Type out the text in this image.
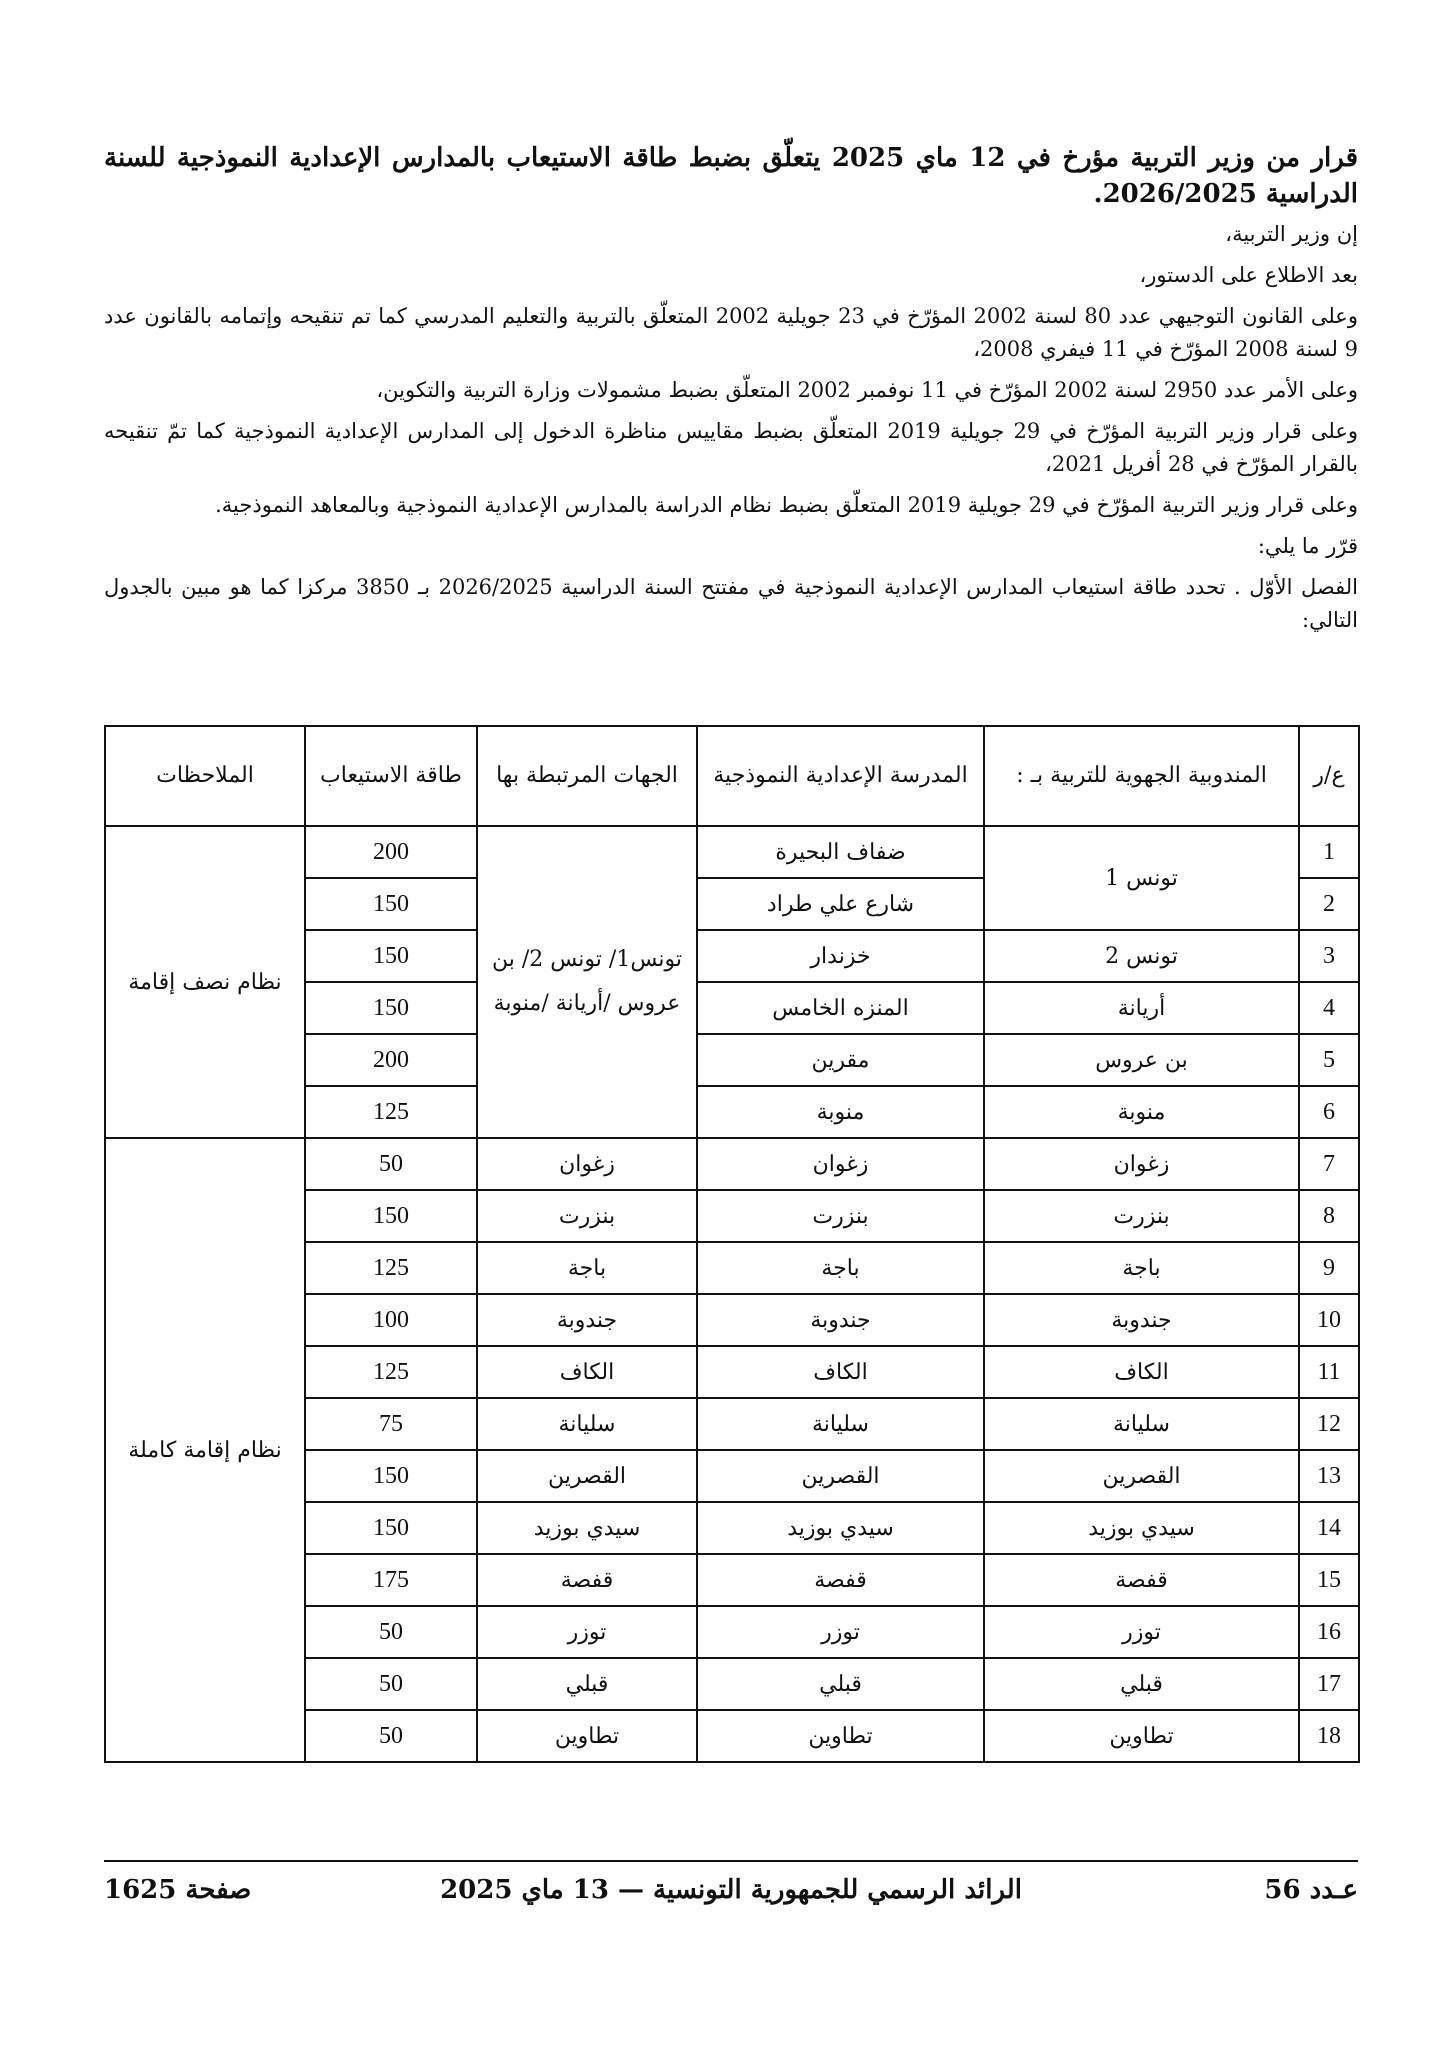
قرار من وزير التربية مؤرخ في 12 ماي 2025 يتعلّق بضبط طاقة الاستيعاب بالمدارس الإعدادية النموذجية للسنة الدراسية 2026/2025.

إن وزير التربية،

بعد الاطلاع على الدستور،

وعلى القانون التوجيهي عدد 80 لسنة 2002 المؤرّخ في 23 جويلية 2002 المتعلّق بالتربية والتعليم المدرسي كما تم تنقيحه وإتمامه بالقانون عدد 9 لسنة 2008 المؤرّخ في 11 فيفري 2008،

وعلى الأمر عدد 2950 لسنة 2002 المؤرّخ في 11 نوفمبر 2002 المتعلّق بضبط مشمولات وزارة التربية والتكوين،

وعلى قرار وزير التربية المؤرّخ في 29 جويلية 2019 المتعلّق بضبط مقاييس مناظرة الدخول إلى المدارس الإعدادية النموذجية كما تمّ تنقيحه بالقرار المؤرّخ في 28 أفريل 2021،

وعلى قرار وزير التربية المؤرّخ في 29 جويلية 2019 المتعلّق بضبط نظام الدراسة بالمدارس الإعدادية النموذجية وبالمعاهد النموذجية.

قرّر ما يلي:

الفصل الأوّل . تحدد طاقة استيعاب المدارس الإعدادية النموذجية في مفتتح السنة الدراسية 2026/2025 بـ 3850 مركزا كما هو مبين بالجدول التالي:

ع/ر	المندوبية الجهوية للتربية بـ :	المدرسة الإعدادية النموذجية	الجهات المرتبطة بها	طاقة الاستيعاب	الملاحظات
1	تونس 1	ضفاف البحيرة	تونس1/ تونس 2/ بن عروس /أريانة /منوبة	200	نظام نصف إقامة
2		شارع علي طراد		150	
3	تونس 2	خزندار		150	
4	أريانة	المنزه الخامس		150	
5	بن عروس	مقرين		200	
6	منوبة	منوبة		125	
7	زغوان	زغوان	زغوان	50	نظام إقامة كاملة
8	بنزرت	بنزرت	بنزرت	150	
9	باجة	باجة	باجة	125	
10	جندوبة	جندوبة	جندوبة	100	
11	الكاف	الكاف	الكاف	125	
12	سليانة	سليانة	سليانة	75	
13	القصرين	القصرين	القصرين	150	
14	سيدي بوزيد	سيدي بوزيد	سيدي بوزيد	150	
15	قفصة	قفصة	قفصة	175	
16	توزر	توزر	توزر	50	
17	قبلي	قبلي	قبلي	50	
18	تطاوين	تطاوين	تطاوين	50	
عـدد 56
الرائد الرسمي للجمهورية التونسية — 13 ماي 2025
صفحة 1625
